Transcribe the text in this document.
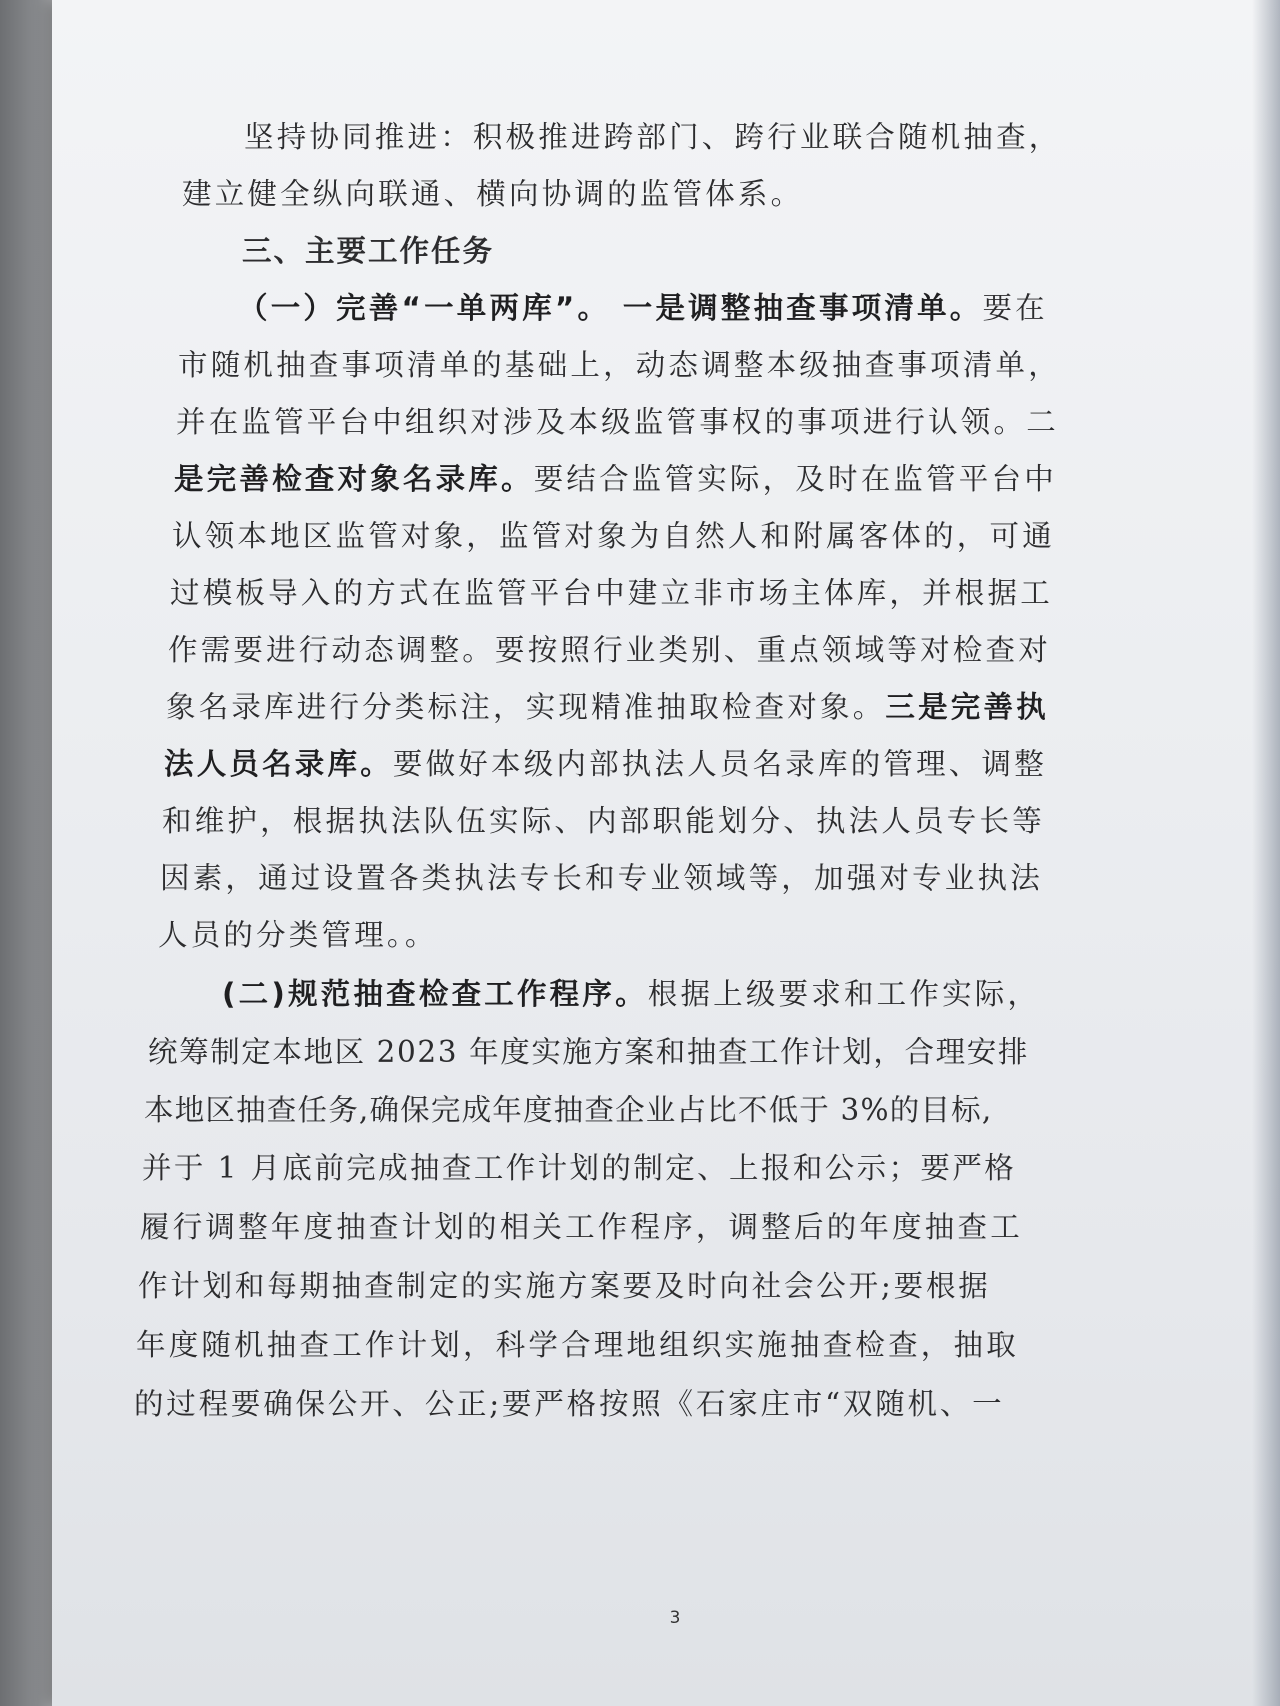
坚持协同推进：积极推进跨部门、跨行业联合随机抽查，
建立健全纵向联通、横向协调的监管体系。
三、主要工作任务
（一）完善“一单两库”。 一是调整抽查事项清单。要在
市随机抽查事项清单的基础上，动态调整本级抽查事项清单，
并在监管平台中组织对涉及本级监管事权的事项进行认领。二
是完善检查对象名录库。要结合监管实际，及时在监管平台中
认领本地区监管对象，监管对象为自然人和附属客体的，可通
过模板导入的方式在监管平台中建立非市场主体库，并根据工
作需要进行动态调整。要按照行业类别、重点领域等对检查对
象名录库进行分类标注，实现精准抽取检查对象。三是完善执
法人员名录库。要做好本级内部执法人员名录库的管理、调整
和维护，根据执法队伍实际、内部职能划分、执法人员专长等
因素，通过设置各类执法专长和专业领域等，加强对专业执法
人员的分类管理。。
(二)规范抽查检查工作程序。根据上级要求和工作实际，
统筹制定本地区 2023 年度实施方案和抽查工作计划，合理安排
本地区抽查任务,确保完成年度抽查企业占比不低于 3%的目标,
并于 1 月底前完成抽查工作计划的制定、上报和公示；要严格
履行调整年度抽查计划的相关工作程序，调整后的年度抽查工
作计划和每期抽查制定的实施方案要及时向社会公开;要根据
年度随机抽查工作计划，科学合理地组织实施抽查检查，抽取
的过程要确保公开、公正;要严格按照《石家庄市“双随机、一
3
